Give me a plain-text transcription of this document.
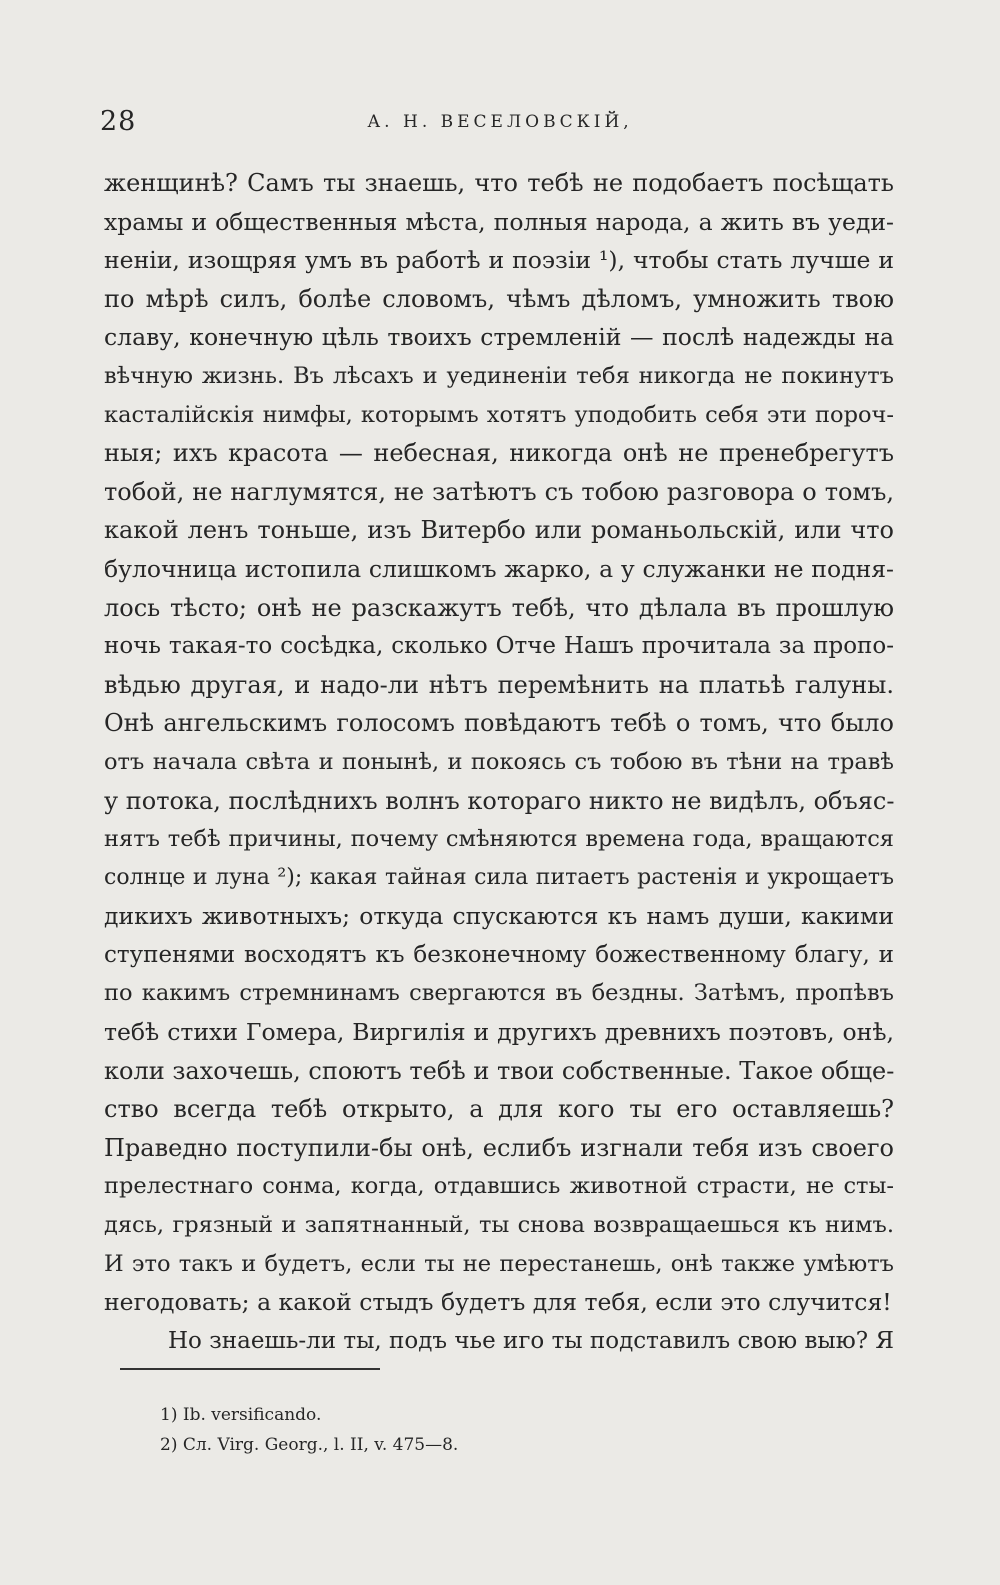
28	А. Н. ВЕСЕЛОВСКІЙ,
женщинѣ? Самъ ты знаешь, что тебѣ не подобаетъ посѣщать
храмы и общественныя мѣста, полныя народа, а жить въ уеди-
неніи, изощряя умъ въ работѣ и поэзіи ¹), чтобы стать лучше и
по мѣрѣ силъ, болѣе словомъ, чѣмъ дѣломъ, умножить твою
славу, конечную цѣль твоихъ стремленій — послѣ надежды на
вѣчную жизнь. Въ лѣсахъ и уединеніи тебя никогда не покинутъ
касталійскія нимфы, которымъ хотятъ уподобить себя эти пороч-
ныя; ихъ красота — небесная, никогда онѣ не пренебрегутъ
тобой, не наглумятся, не затѣютъ съ тобою разговора о томъ,
какой ленъ тоньше, изъ Витербо или романьольскій, или что
булочница истопила слишкомъ жарко, а у служанки не подня-
лось тѣсто; онѣ не разскажутъ тебѣ, что дѣлала въ прошлую
ночь такая-то сосѣдка, сколько Отче Нашъ прочитала за пропо-
вѣдью другая, и надо-ли нѣтъ перемѣнить на платьѣ галуны.
Онѣ ангельскимъ голосомъ повѣдаютъ тебѣ о томъ, что было
отъ начала свѣта и понынѣ, и покоясь съ тобою въ тѣни на травѣ
у потока, послѣднихъ волнъ котораго никто не видѣлъ, объяс-
нятъ тебѣ причины, почему смѣняются времена года, вращаются
солнце и луна ²); какая тайная сила питаетъ растенія и укрощаетъ
дикихъ животныхъ; откуда спускаются къ намъ души, какими
ступенями восходятъ къ безконечному божественному благу, и
по какимъ стремнинамъ свергаются въ бездны. Затѣмъ, пропѣвъ
тебѣ стихи Гомера, Виргилія и другихъ древнихъ поэтовъ, онѣ,
коли захочешь, споютъ тебѣ и твои собственные. Такое обще-
ство всегда тебѣ открыто, а для кого ты его оставляешь?
Праведно поступили-бы онѣ, еслибъ изгнали тебя изъ своего
прелестнаго сонма, когда, отдавшись животной страсти, не сты-
дясь, грязный и запятнанный, ты снова возвращаешься къ нимъ.
И это такъ и будетъ, если ты не перестанешь, онѣ также умѣютъ
негодовать; а какой стыдъ будетъ для тебя, если это случится!
Но знаешь-ли ты, подъ чье иго ты подставилъ свою выю? Я
1) Ib. versificando.
2) Сл. Virg. Georg., l. II, v. 475—8.
